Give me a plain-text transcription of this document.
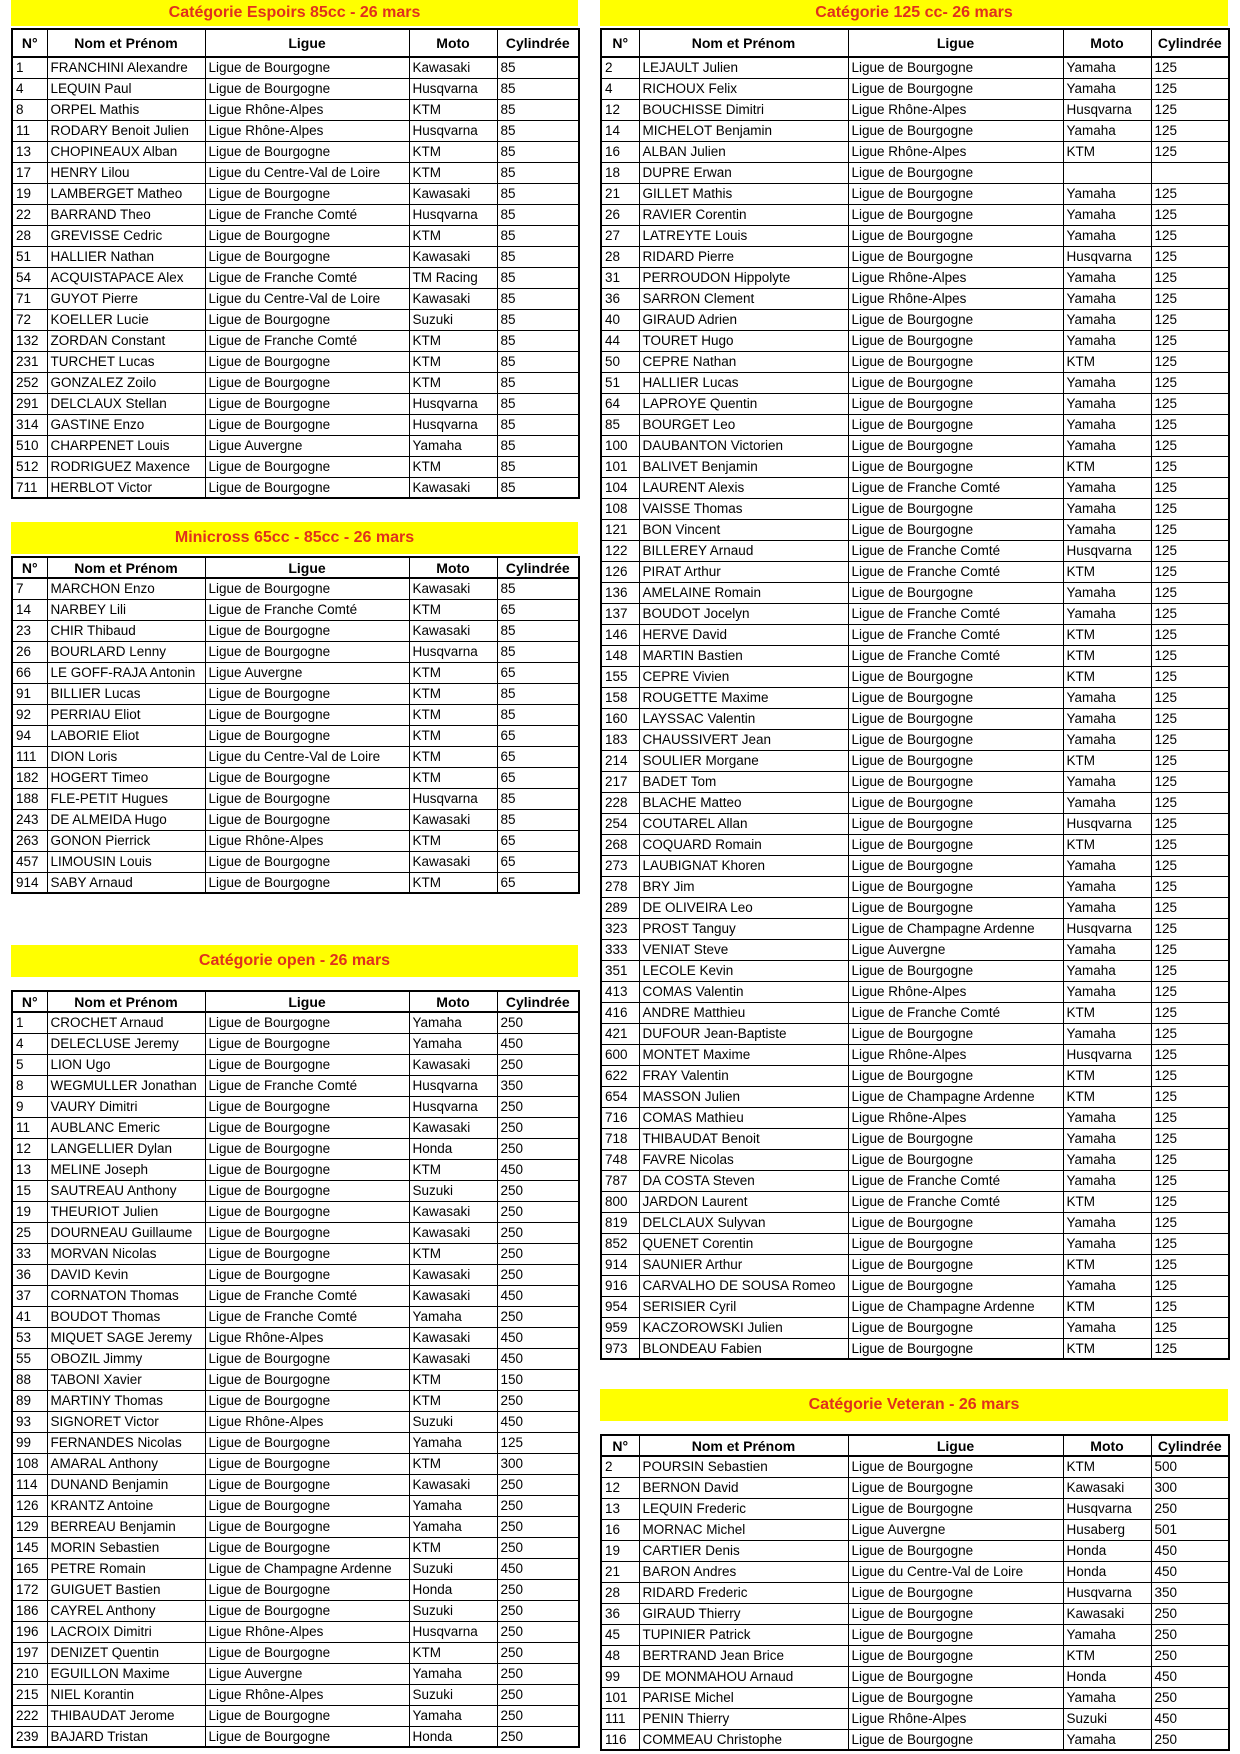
Catégorie Espoirs 85cc - 26 mars
N°	Nom et Prénom	Ligue	Moto	Cylindrée
1	FRANCHINI Alexandre	Ligue de Bourgogne	Kawasaki	85
4	LEQUIN Paul	Ligue de Bourgogne	Husqvarna	85
8	ORPEL Mathis	Ligue Rhône-Alpes	KTM	85
11	RODARY Benoit Julien	Ligue Rhône-Alpes	Husqvarna	85
13	CHOPINEAUX Alban	Ligue de Bourgogne	KTM	85
17	HENRY Lilou	Ligue du Centre-Val de Loire	KTM	85
19	LAMBERGET Matheo	Ligue de Bourgogne	Kawasaki	85
22	BARRAND Theo	Ligue de Franche Comté	Husqvarna	85
28	GREVISSE Cedric	Ligue de Bourgogne	KTM	85
51	HALLIER Nathan	Ligue de Bourgogne	Kawasaki	85
54	ACQUISTAPACE Alex	Ligue de Franche Comté	TM Racing	85
71	GUYOT Pierre	Ligue du Centre-Val de Loire	Kawasaki	85
72	KOELLER Lucie	Ligue de Bourgogne	Suzuki	85
132	ZORDAN Constant	Ligue de Franche Comté	KTM	85
231	TURCHET Lucas	Ligue de Bourgogne	KTM	85
252	GONZALEZ Zoilo	Ligue de Bourgogne	KTM	85
291	DELCLAUX Stellan	Ligue de Bourgogne	Husqvarna	85
314	GASTINE Enzo	Ligue de Bourgogne	Husqvarna	85
510	CHARPENET Louis	Ligue Auvergne	Yamaha	85
512	RODRIGUEZ Maxence	Ligue de Bourgogne	KTM	85
711	HERBLOT Victor	Ligue de Bourgogne	Kawasaki	85
Minicross 65cc - 85cc - 26 mars
N°	Nom et Prénom	Ligue	Moto	Cylindrée
7	MARCHON Enzo	Ligue de Bourgogne	Kawasaki	85
14	NARBEY Lili	Ligue de Franche Comté	KTM	65
23	CHIR Thibaud	Ligue de Bourgogne	Kawasaki	85
26	BOURLARD Lenny	Ligue de Bourgogne	Husqvarna	85
66	LE GOFF-RAJA Antonin	Ligue Auvergne	KTM	65
91	BILLIER Lucas	Ligue de Bourgogne	KTM	85
92	PERRIAU Eliot	Ligue de Bourgogne	KTM	85
94	LABORIE Eliot	Ligue de Bourgogne	KTM	65
111	DION Loris	Ligue du Centre-Val de Loire	KTM	65
182	HOGERT Timeo	Ligue de Bourgogne	KTM	65
188	FLE-PETIT Hugues	Ligue de Bourgogne	Husqvarna	85
243	DE ALMEIDA Hugo	Ligue de Bourgogne	Kawasaki	85
263	GONON Pierrick	Ligue Rhône-Alpes	KTM	65
457	LIMOUSIN Louis	Ligue de Bourgogne	Kawasaki	65
914	SABY Arnaud	Ligue de Bourgogne	KTM	65
Catégorie open - 26 mars
N°	Nom et Prénom	Ligue	Moto	Cylindrée
1	CROCHET Arnaud	Ligue de Bourgogne	Yamaha	250
4	DELECLUSE Jeremy	Ligue de Bourgogne	Yamaha	450
5	LION Ugo	Ligue de Bourgogne	Kawasaki	250
8	WEGMULLER Jonathan	Ligue de Franche Comté	Husqvarna	350
9	VAURY Dimitri	Ligue de Bourgogne	Husqvarna	250
11	AUBLANC Emeric	Ligue de Bourgogne	Kawasaki	250
12	LANGELLIER Dylan	Ligue de Bourgogne	Honda	250
13	MELINE Joseph	Ligue de Bourgogne	KTM	450
15	SAUTREAU Anthony	Ligue de Bourgogne	Suzuki	250
19	THEURIOT Julien	Ligue de Bourgogne	Kawasaki	250
25	DOURNEAU Guillaume	Ligue de Bourgogne	Kawasaki	250
33	MORVAN Nicolas	Ligue de Bourgogne	KTM	250
36	DAVID Kevin	Ligue de Bourgogne	Kawasaki	250
37	CORNATON Thomas	Ligue de Franche Comté	Kawasaki	450
41	BOUDOT Thomas	Ligue de Franche Comté	Yamaha	250
53	MIQUET SAGE Jeremy	Ligue Rhône-Alpes	Kawasaki	450
55	OBOZIL Jimmy	Ligue de Bourgogne	Kawasaki	450
88	TABONI Xavier	Ligue de Bourgogne	KTM	150
89	MARTINY Thomas	Ligue de Bourgogne	KTM	250
93	SIGNORET Victor	Ligue Rhône-Alpes	Suzuki	450
99	FERNANDES Nicolas	Ligue de Bourgogne	Yamaha	125
108	AMARAL Anthony	Ligue de Bourgogne	KTM	300
114	DUNAND Benjamin	Ligue de Bourgogne	Kawasaki	250
126	KRANTZ Antoine	Ligue de Bourgogne	Yamaha	250
129	BERREAU Benjamin	Ligue de Bourgogne	Yamaha	250
145	MORIN Sebastien	Ligue de Bourgogne	KTM	250
165	PETRE Romain	Ligue de Champagne Ardenne	Suzuki	450
172	GUIGUET Bastien	Ligue de Bourgogne	Honda	250
186	CAYREL Anthony	Ligue de Bourgogne	Suzuki	250
196	LACROIX Dimitri	Ligue Rhône-Alpes	Husqvarna	250
197	DENIZET Quentin	Ligue de Bourgogne	KTM	250
210	EGUILLON Maxime	Ligue Auvergne	Yamaha	250
215	NIEL Korantin	Ligue Rhône-Alpes	Suzuki	250
222	THIBAUDAT Jerome	Ligue de Bourgogne	Yamaha	250
239	BAJARD Tristan	Ligue de Bourgogne	Honda	250
Catégorie 125 cc- 26 mars
N°	Nom et Prénom	Ligue	Moto	Cylindrée
2	LEJAULT Julien	Ligue de Bourgogne	Yamaha	125
4	RICHOUX Felix	Ligue de Bourgogne	Yamaha	125
12	BOUCHISSE Dimitri	Ligue Rhône-Alpes	Husqvarna	125
14	MICHELOT Benjamin	Ligue de Bourgogne	Yamaha	125
16	ALBAN Julien	Ligue Rhône-Alpes	KTM	125
18	DUPRE Erwan	Ligue de Bourgogne		
21	GILLET Mathis	Ligue de Bourgogne	Yamaha	125
26	RAVIER Corentin	Ligue de Bourgogne	Yamaha	125
27	LATREYTE Louis	Ligue de Bourgogne	Yamaha	125
28	RIDARD Pierre	Ligue de Bourgogne	Husqvarna	125
31	PERROUDON Hippolyte	Ligue Rhône-Alpes	Yamaha	125
36	SARRON Clement	Ligue Rhône-Alpes	Yamaha	125
40	GIRAUD Adrien	Ligue de Bourgogne	Yamaha	125
44	TOURET Hugo	Ligue de Bourgogne	Yamaha	125
50	CEPRE Nathan	Ligue de Bourgogne	KTM	125
51	HALLIER Lucas	Ligue de Bourgogne	Yamaha	125
64	LAPROYE Quentin	Ligue de Bourgogne	Yamaha	125
85	BOURGET Leo	Ligue de Bourgogne	Yamaha	125
100	DAUBANTON Victorien	Ligue de Bourgogne	Yamaha	125
101	BALIVET Benjamin	Ligue de Bourgogne	KTM	125
104	LAURENT Alexis	Ligue de Franche Comté	Yamaha	125
108	VAISSE Thomas	Ligue de Bourgogne	Yamaha	125
121	BON Vincent	Ligue de Bourgogne	Yamaha	125
122	BILLEREY Arnaud	Ligue de Franche Comté	Husqvarna	125
126	PIRAT Arthur	Ligue de Franche Comté	KTM	125
136	AMELAINE Romain	Ligue de Bourgogne	Yamaha	125
137	BOUDOT Jocelyn	Ligue de Franche Comté	Yamaha	125
146	HERVE David	Ligue de Franche Comté	KTM	125
148	MARTIN Bastien	Ligue de Franche Comté	KTM	125
155	CEPRE Vivien	Ligue de Bourgogne	KTM	125
158	ROUGETTE Maxime	Ligue de Bourgogne	Yamaha	125
160	LAYSSAC Valentin	Ligue de Bourgogne	Yamaha	125
183	CHAUSSIVERT Jean	Ligue de Bourgogne	Yamaha	125
214	SOULIER Morgane	Ligue de Bourgogne	KTM	125
217	BADET Tom	Ligue de Bourgogne	Yamaha	125
228	BLACHE Matteo	Ligue de Bourgogne	Yamaha	125
254	COUTAREL Allan	Ligue de Bourgogne	Husqvarna	125
268	COQUARD Romain	Ligue de Bourgogne	KTM	125
273	LAUBIGNAT Khoren	Ligue de Bourgogne	Yamaha	125
278	BRY Jim	Ligue de Bourgogne	Yamaha	125
289	DE OLIVEIRA Leo	Ligue de Bourgogne	Yamaha	125
323	PROST Tanguy	Ligue de Champagne Ardenne	Husqvarna	125
333	VENIAT Steve	Ligue Auvergne	Yamaha	125
351	LECOLE Kevin	Ligue de Bourgogne	Yamaha	125
413	COMAS Valentin	Ligue Rhône-Alpes	Yamaha	125
416	ANDRE Matthieu	Ligue de Franche Comté	KTM	125
421	DUFOUR Jean-Baptiste	Ligue de Bourgogne	Yamaha	125
600	MONTET Maxime	Ligue Rhône-Alpes	Husqvarna	125
622	FRAY Valentin	Ligue de Bourgogne	KTM	125
654	MASSON Julien	Ligue de Champagne Ardenne	KTM	125
716	COMAS Mathieu	Ligue Rhône-Alpes	Yamaha	125
718	THIBAUDAT Benoit	Ligue de Bourgogne	Yamaha	125
748	FAVRE Nicolas	Ligue de Bourgogne	Yamaha	125
787	DA COSTA Steven	Ligue de Franche Comté	Yamaha	125
800	JARDON Laurent	Ligue de Franche Comté	KTM	125
819	DELCLAUX Sulyvan	Ligue de Bourgogne	Yamaha	125
852	QUENET Corentin	Ligue de Bourgogne	Yamaha	125
914	SAUNIER Arthur	Ligue de Bourgogne	KTM	125
916	CARVALHO DE SOUSA Romeo	Ligue de Bourgogne	Yamaha	125
954	SERISIER Cyril	Ligue de Champagne Ardenne	KTM	125
959	KACZOROWSKI Julien	Ligue de Bourgogne	Yamaha	125
973	BLONDEAU Fabien	Ligue de Bourgogne	KTM	125
Catégorie Veteran - 26 mars
N°	Nom et Prénom	Ligue	Moto	Cylindrée
2	POURSIN Sebastien	Ligue de Bourgogne	KTM	500
12	BERNON David	Ligue de Bourgogne	Kawasaki	300
13	LEQUIN Frederic	Ligue de Bourgogne	Husqvarna	250
16	MORNAC Michel	Ligue Auvergne	Husaberg	501
19	CARTIER Denis	Ligue de Bourgogne	Honda	450
21	BARON Andres	Ligue du Centre-Val de Loire	Honda	450
28	RIDARD Frederic	Ligue de Bourgogne	Husqvarna	350
36	GIRAUD Thierry	Ligue de Bourgogne	Kawasaki	250
45	TUPINIER Patrick	Ligue de Bourgogne	Yamaha	250
48	BERTRAND Jean Brice	Ligue de Bourgogne	KTM	250
99	DE MONMAHOU Arnaud	Ligue de Bourgogne	Honda	450
101	PARISE Michel	Ligue de Bourgogne	Yamaha	250
111	PENIN Thierry	Ligue Rhône-Alpes	Suzuki	450
116	COMMEAU Christophe	Ligue de Bourgogne	Yamaha	250
